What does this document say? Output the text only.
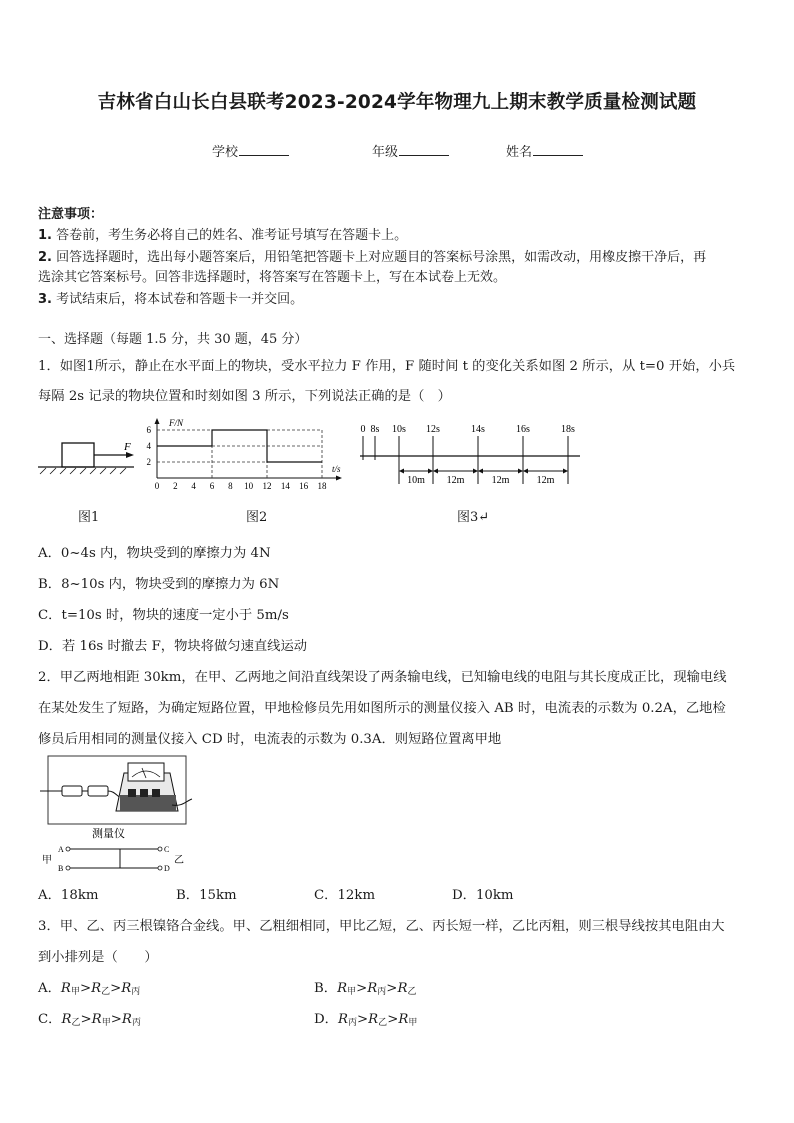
吉林省白山长白县联考2023-2024学年物理九上期末教学质量检测试题
学校	年级	姓名
注意事项：
1. 答卷前，考生务必将自己的姓名、准考证号填写在答题卡上。
2. 回答选择题时，选出每小题答案后，用铅笔把答题卡上对应题目的答案标号涂黑，如需改动，用橡皮擦干净后，再
选涂其它答案标号。回答非选择题时，将答案写在答题卡上，写在本试卷上无效。
3. 考试结束后，将本试卷和答题卡一并交回。
一、选择题（每题 1.5 分，共 30 题，45 分）
1．如图1所示，静止在水平面上的物块，受水平拉力 F 作用，F 随时间 t 的变化关系如图 2 所示，从 t=0 开始，小兵
每隔 2s 记录的物块位置和时刻如图 3 所示，下列说法正确的是（　）
F
图1
F/N
t/s
2
4
6
0 2 4 6 8 10 12 14 16 18
图2
0 8s 10s 12s	14s	16s	18s
10m 12m	12m	12m
图3↵
A．0~4s 内，物块受到的摩擦力为 4N
B．8~10s 内，物块受到的摩擦力为 6N
C．t=10s 时，物块的速度一定小于 5m/s
D．若 16s 时撤去 F，物块将做匀速直线运动
2．甲乙两地相距 30km，在甲、乙两地之间沿直线架设了两条输电线，已知输电线的电阻与其长度成正比，现输电线
在某处发生了短路，为确定短路位置，甲地检修员先用如图所示的测量仪接入 AB 时，电流表的示数为 0.2A，乙地检
修员后用相同的测量仪接入 CD 时，电流表的示数为 0.3A．则短路位置离甲地
测量仪
甲
A
B
C
D
乙
A．18km	B．15km	C．12km	D．10km
3．甲、乙、丙三根镍铬合金线。甲、乙粗细相同，甲比乙短，乙、丙长短一样，乙比丙粗，则三根导线按其电阻由大
到小排列是（　　）
A．$R_甲>R_乙>R_丙$	B．$R_甲>R_丙>R_乙$
C．$R_乙>R_甲>R_丙$	D．$R_丙>R_乙>R_甲$
